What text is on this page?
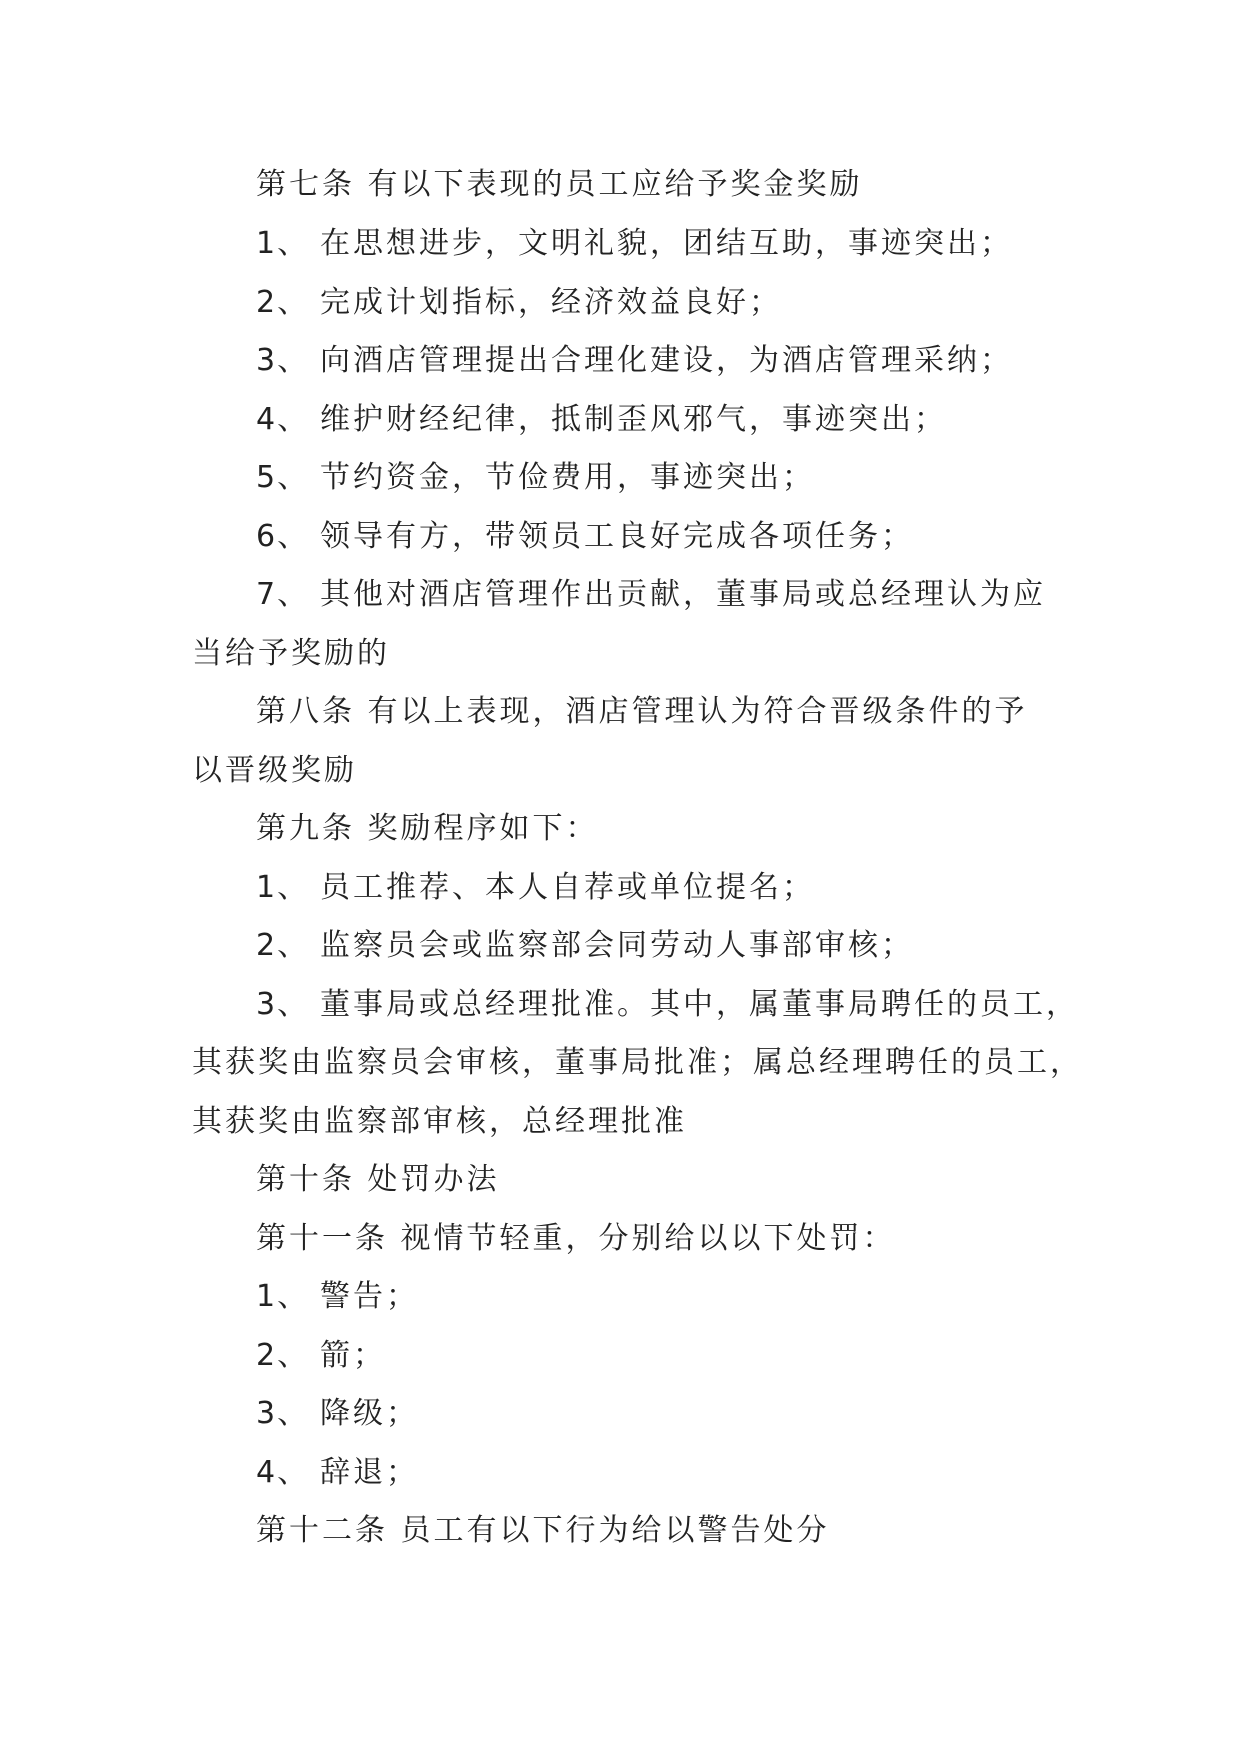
第七条 有以下表现的员工应给予奖金奖励
1、 在思想进步，文明礼貌，团结互助，事迹突出；
2、 完成计划指标，经济效益良好；
3、 向酒店管理提出合理化建设，为酒店管理采纳；
4、 维护财经纪律，抵制歪风邪气，事迹突出；
5、 节约资金，节俭费用，事迹突出；
6、 领导有方，带领员工良好完成各项任务；
7、 其他对酒店管理作出贡献，董事局或总经理认为应
当给予奖励的
第八条 有以上表现，酒店管理认为符合晋级条件的予
以晋级奖励
第九条 奖励程序如下：
1、 员工推荐、本人自荐或单位提名；
2、 监察员会或监察部会同劳动人事部审核；
3、 董事局或总经理批准。其中，属董事局聘任的员工，
其获奖由监察员会审核，董事局批准；属总经理聘任的员工，
其获奖由监察部审核，总经理批准
第十条 处罚办法
第十一条 视情节轻重，分别给以以下处罚：
1、 警告；
2、 箭；
3、 降级；
4、 辞退；
第十二条 员工有以下行为给以警告处分
